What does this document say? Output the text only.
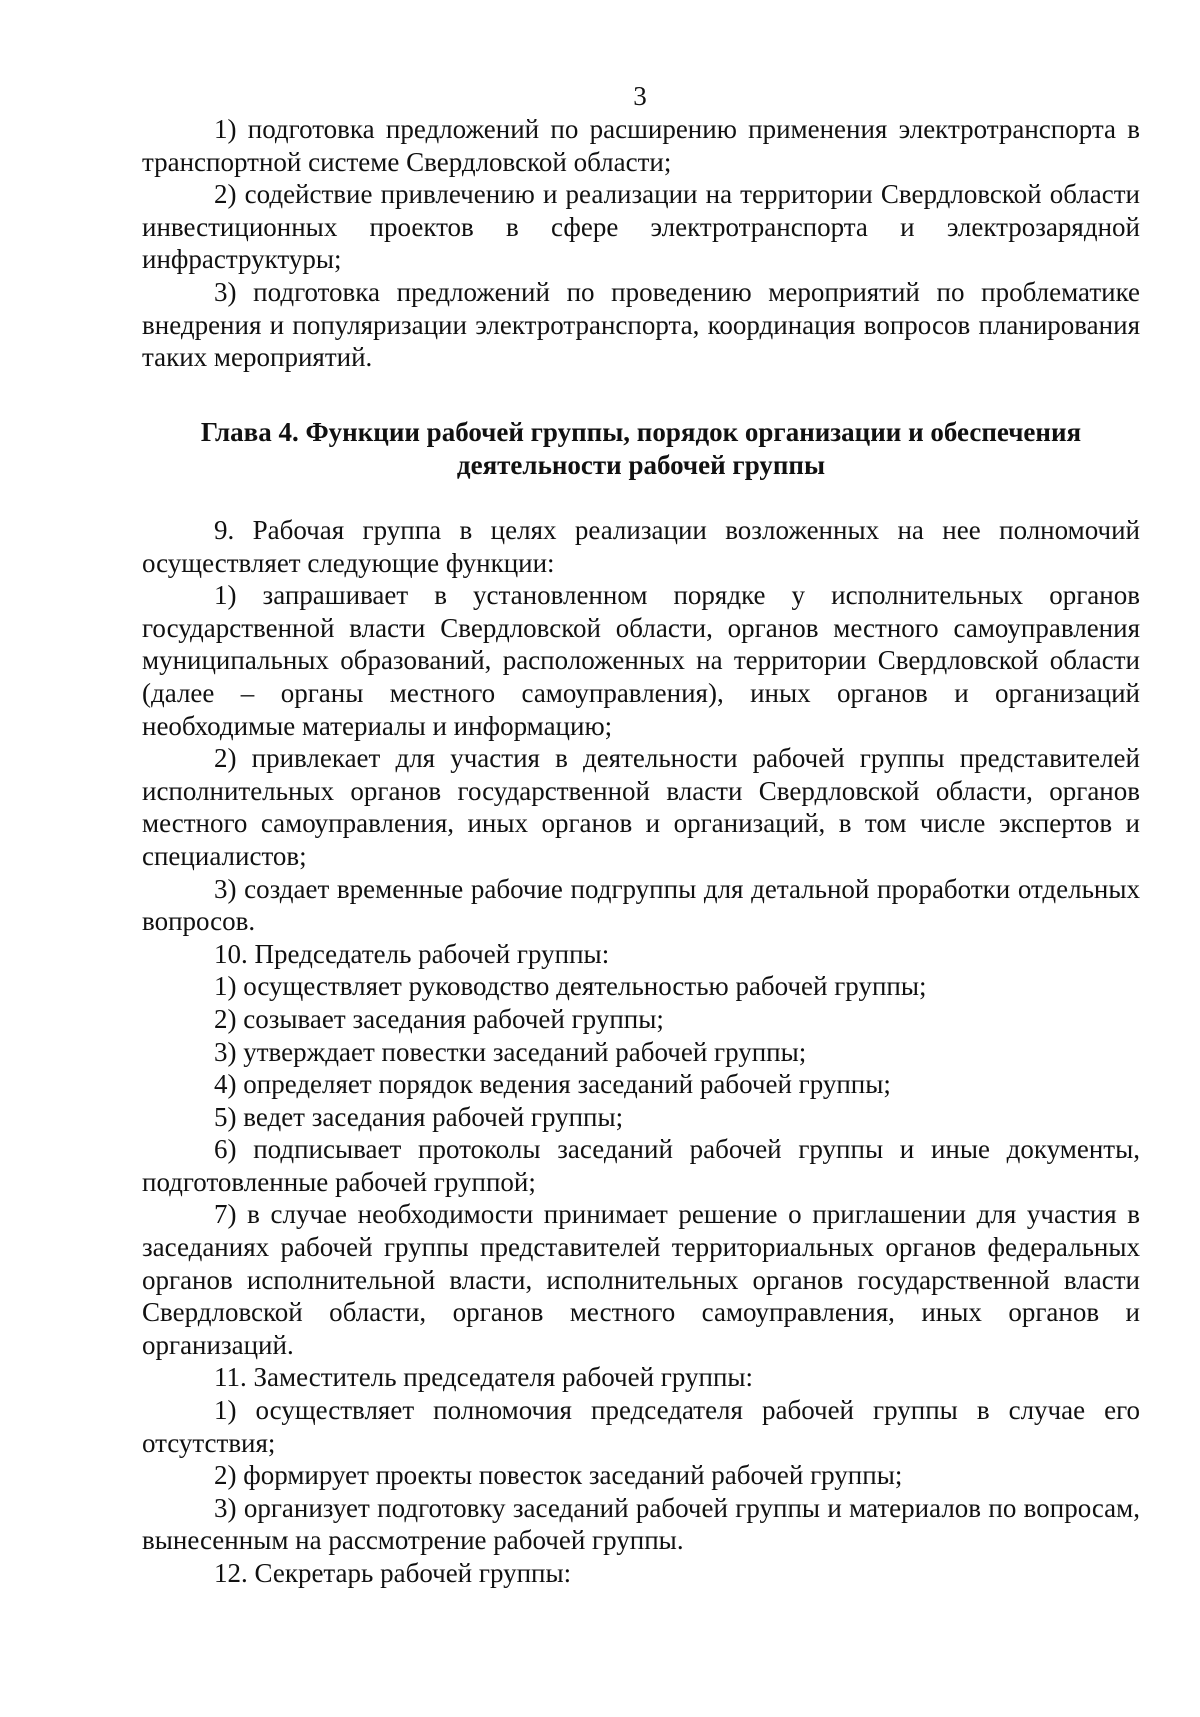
3

1) подготовка предложений по расширению применения электротранспорта в транспортной системе Свердловской области;

2) содействие привлечению и реализации на территории Свердловской области инвестиционных проектов в сфере электротранспорта и электрозарядной инфраструктуры;

3) подготовка предложений по проведению мероприятий по проблематике внедрения и популяризации электротранспорта, координация вопросов планирования таких мероприятий.

Глава 4. Функции рабочей группы, порядок организации и обеспечения

деятельности рабочей группы

9. Рабочая группа в целях реализации возложенных на нее полномочий осуществляет следующие функции:

1) запрашивает в установленном порядке у исполнительных органов государственной власти Свердловской области, органов местного самоуправления муниципальных образований, расположенных на территории Свердловской области (далее – органы местного самоуправления), иных органов и организаций необходимые материалы и информацию;

2) привлекает для участия в деятельности рабочей группы представителей исполнительных органов государственной власти Свердловской области, органов местного самоуправления, иных органов и организаций, в том числе экспертов и специалистов;

3) создает временные рабочие подгруппы для детальной проработки отдельных вопросов.

10. Председатель рабочей группы:

1) осуществляет руководство деятельностью рабочей группы;

2) созывает заседания рабочей группы;

3) утверждает повестки заседаний рабочей группы;

4) определяет порядок ведения заседаний рабочей группы;

5) ведет заседания рабочей группы;

6) подписывает протоколы заседаний рабочей группы и иные документы, подготовленные рабочей группой;

7) в случае необходимости принимает решение о приглашении для участия в заседаниях рабочей группы представителей территориальных органов федеральных органов исполнительной власти, исполнительных органов государственной власти Свердловской области, органов местного самоуправления, иных органов и организаций.

11. Заместитель председателя рабочей группы:

1) осуществляет полномочия председателя рабочей группы в случае его отсутствия;

2) формирует проекты повесток заседаний рабочей группы;

3) организует подготовку заседаний рабочей группы и материалов по вопросам, вынесенным на рассмотрение рабочей группы.

12. Секретарь рабочей группы:
